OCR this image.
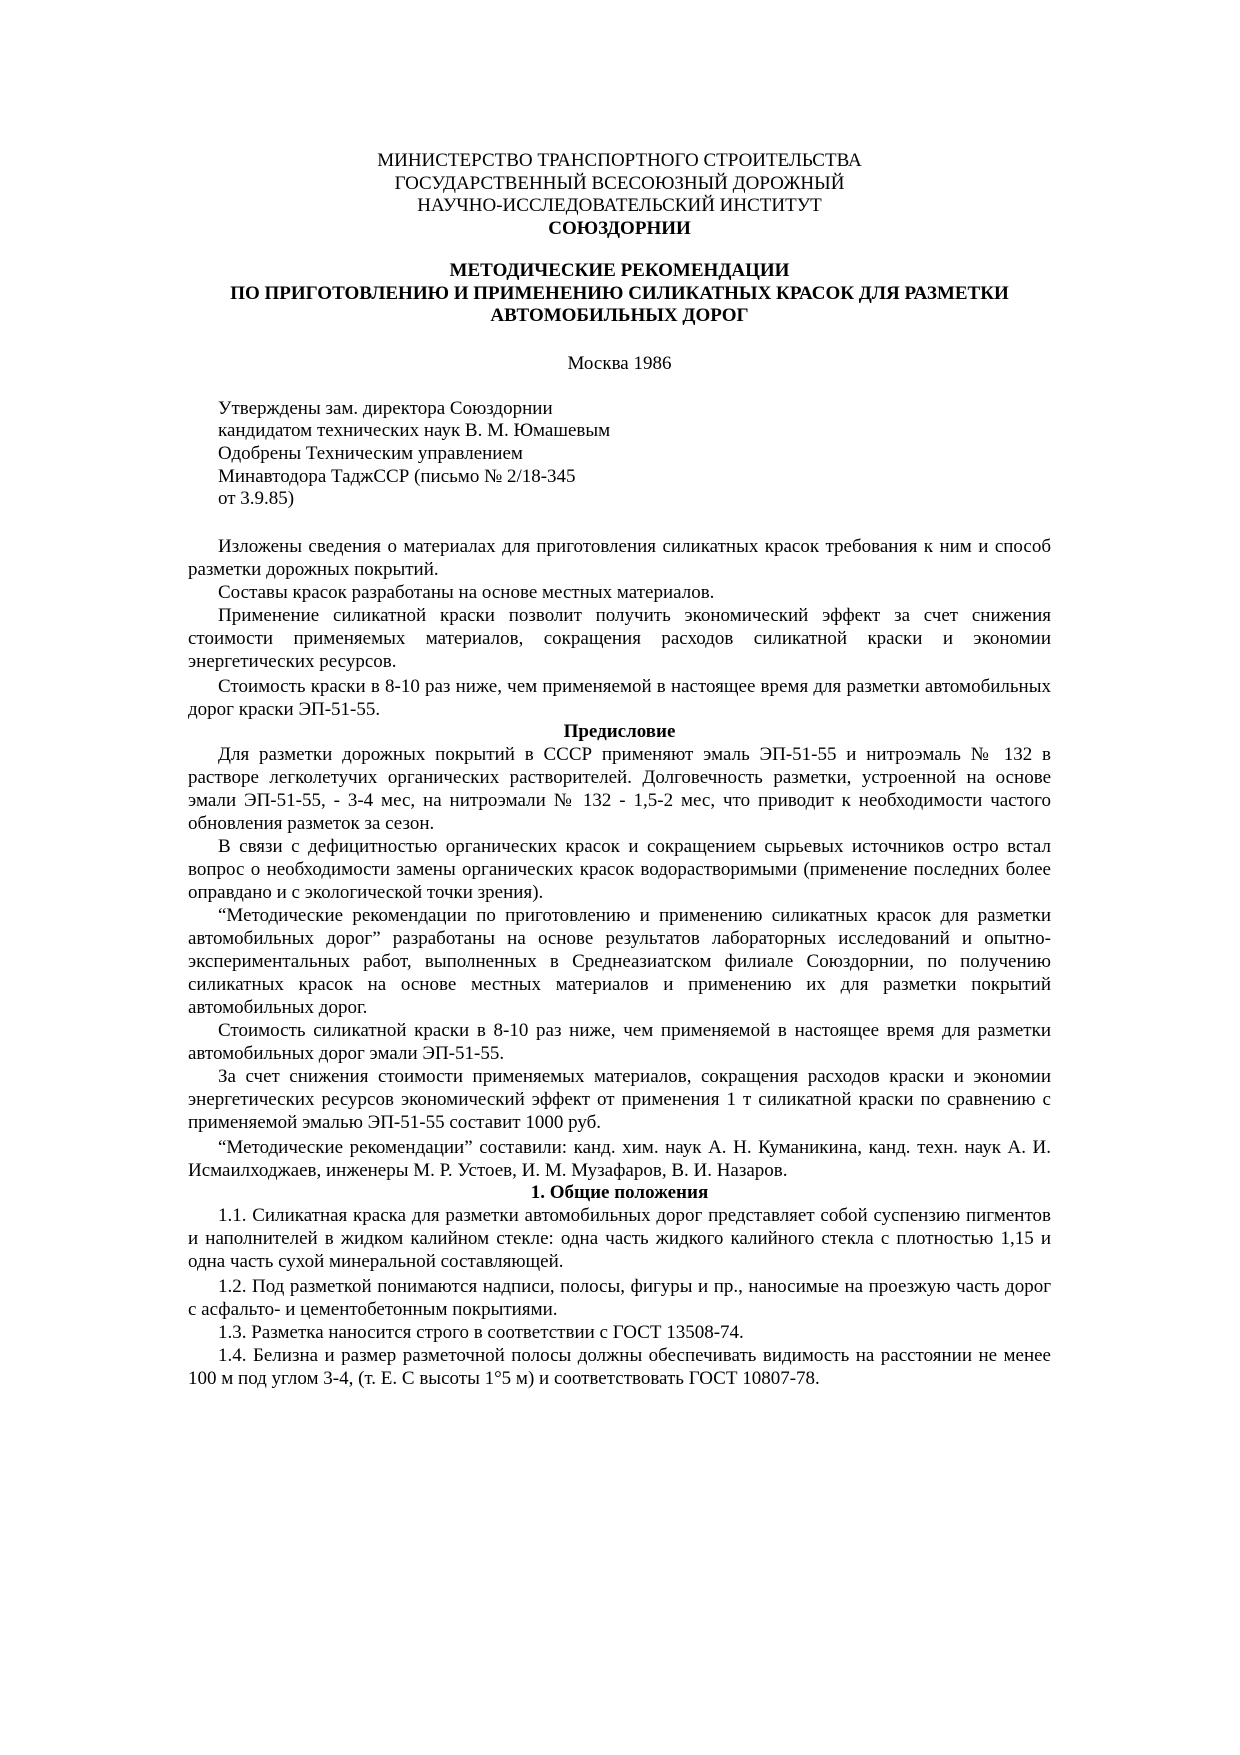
МИНИСТЕРСТВО ТРАНСПОРТНОГО СТРОИТЕЛЬСТВА
ГОСУДАРСТВЕННЫЙ ВСЕСОЮЗНЫЙ ДОРОЖНЫЙ
НАУЧНО-ИССЛЕДОВАТЕЛЬСКИЙ ИНСТИТУТ
СОЮЗДОРНИИ
МЕТОДИЧЕСКИЕ РЕКОМЕНДАЦИИ
ПО ПРИГОТОВЛЕНИЮ И ПРИМЕНЕНИЮ СИЛИКАТНЫХ КРАСОК ДЛЯ РАЗМЕТКИ
АВТОМОБИЛЬНЫХ ДОРОГ
Москва 1986
Утверждены зам. директора Союздорнии
кандидатом технических наук В. М. Юмашевым
Одобрены Техническим управлением
Минавтодора ТаджССР (письмо № 2/18-345
от 3.9.85)

Изложены сведения о материалах для приготовления силикатных красок требования к ним и способ разметки дорожных покрытий.

Составы красок разработаны на основе местных материалов.

Применение силикатной краски позволит получить экономический эффект за счет снижения стоимости применяемых материалов, сокращения расходов силикатной краски и экономии энергетических ресурсов.

Стоимость краски в 8-10 раз ниже, чем применяемой в настоящее время для разметки автомобильных дорог краски ЭП-51-55.

Предисловие

Для разметки дорожных покрытий в СССР применяют эмаль ЭП-51-55 и нитроэмаль № 132 в растворе легколетучих органических растворителей. Долговечность разметки, устроенной на основе эмали ЭП-51-55, - 3-4 мес, на нитроэмали № 132 - 1,5-2 мес, что приводит к необходимости частого обновления разметок за сезон.

В связи с дефицитностью органических красок и сокращением сырьевых источников остро встал вопрос о необходимости замены органических красок водорастворимыми (применение последних более оправдано и с экологической точки зрения).

“Методические рекомендации по приготовлению и применению силикатных красок для разметки автомобильных дорог” разработаны на основе результатов лабораторных исследований и опытно-экспериментальных работ, выполненных в Среднеазиатском филиале Союздорнии, по получению силикатных красок на основе местных материалов и применению их для разметки покрытий автомобильных дорог.

Стоимость силикатной краски в 8-10 раз ниже, чем применяемой в настоящее время для разметки автомобильных дорог эмали ЭП-51-55.

За счет снижения стоимости применяемых материалов, сокращения расходов краски и экономии энергетических ресурсов экономический эффект от применения 1 т силикатной краски по сравнению с применяемой эмалью ЭП-51-55 составит 1000 руб.

“Методические рекомендации” составили: канд. хим. наук А. Н. Куманикина, канд. техн. наук А. И. Исмаилходжаев, инженеры М. Р. Устоев, И. М. Музафаров, В. И. Назаров.

1. Общие положения

1.1. Силикатная краска для разметки автомобильных дорог представляет собой суспензию пигментов и наполнителей в жидком калийном стекле: одна часть жидкого калийного стекла с плотностью 1,15 и одна часть сухой минеральной составляющей.

1.2. Под разметкой понимаются надписи, полосы, фигуры и пр., наносимые на проезжую часть дорог с асфальто- и цементобетонным покрытиями.

1.3. Разметка наносится строго в соответствии с ГОСТ 13508-74.

1.4. Белизна и размер разметочной полосы должны обеспечивать видимость на расстоянии не менее 100 м под углом 3-4, (т. Е. С высоты 1°5 м) и соответствовать ГОСТ 10807-78.
